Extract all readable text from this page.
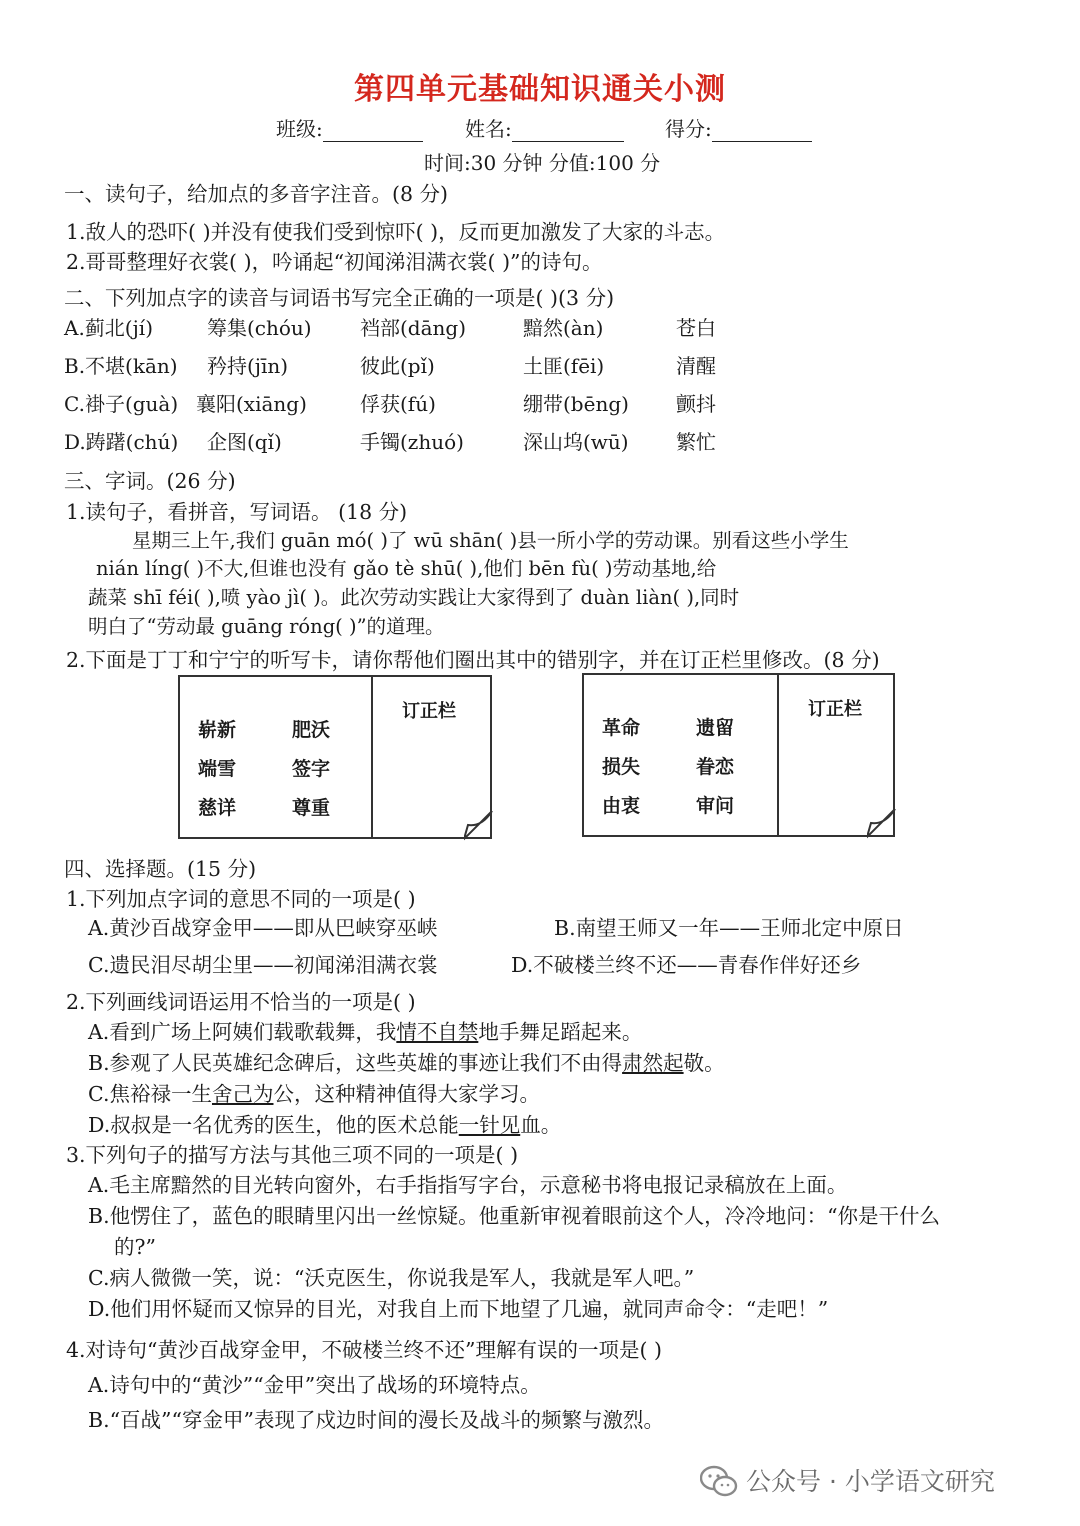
第四单元基础知识通关小测
班级:	姓名:	得分:
时间:30 分钟 分值:100 分
一、读句子，给加点的多音字注音。(8 分)
1.敌人的恐吓( )并没有使我们受到惊吓( )，反而更加激发了大家的斗志。
2.哥哥整理好衣裳( )，吟诵起“初闻涕泪满衣裳( )”的诗句。
二、下列加点字的读音与词语书写完全正确的一项是( )(3 分)
A.蓟北(jí)	筹集(chóu) 裆部(dāng)	黯然(àn)	苍白
B.不堪(kān) 矜持(jīn)	彼此(pǐ)	土匪(fēi)	清醒
C.褂子(guà) 襄阳(xiāng)	俘获(fú)	绷带(bēng) 颤抖
D.踌躇(chú) 企图(qǐ)	手镯(zhuó)	深山坞(wū) 繁忙
三、字词。(26 分)
1.读句子，看拼音，写词语。 (18 分)
星期三上午,我们 guān mó( )了 wū shān( )县一所小学的劳动课。别看这些小学生
nián líng( )不大,但谁也没有 gǎo tè shū( ),他们 bēn fù( )劳动基地,给
蔬菜 shī féi( ),喷 yào jì( )。此次劳动实践让大家得到了 duàn liàn( ),同时
明白了“劳动最 guāng róng( )”的道理。
2.下面是丁丁和宁宁的听写卡，请你帮他们圈出其中的错别字，并在订正栏里修改。(8 分)
崭新	肥沃
端雪	签字
慈详	尊重
订正栏
革命	遗留
损失	眷恋
由衷	审问
订正栏
四、选择题。(15 分)
1.下列加点字词的意思不同的一项是( )
A.黄沙百战穿金甲——即从巴峡穿巫峡	B.南望王师又一年——王师北定中原日
C.遗民泪尽胡尘里——初闻涕泪满衣裳	D.不破楼兰终不还——青春作伴好还乡
2.下列画线词语运用不恰当的一项是( )
A.看到广场上阿姨们载歌载舞，我情不自禁地手舞足蹈起来。
B.参观了人民英雄纪念碑后，这些英雄的事迹让我们不由得肃然起敬。
C.焦裕禄一生舍己为公，这种精神值得大家学习。
D.叔叔是一名优秀的医生，他的医术总能一针见血。
3.下列句子的描写方法与其他三项不同的一项是( )
A.毛主席黯然的目光转向窗外，右手指指写字台，示意秘书将电报记录稿放在上面。
B.他愣住了，蓝色的眼睛里闪出一丝惊疑。他重新审视着眼前这个人，冷冷地问：“你是干什么
的?”
C.病人微微一笑，说：“沃克医生，你说我是军人，我就是军人吧。”
D.他们用怀疑而又惊异的目光，对我自上而下地望了几遍，就同声命令：“走吧！”
4.对诗句“黄沙百战穿金甲，不破楼兰终不还”理解有误的一项是( )
A.诗句中的“黄沙”“金甲”突出了战场的环境特点。
B.“百战”“穿金甲”表现了戍边时间的漫长及战斗的频繁与激烈。
公众号 · 小学语文研究
